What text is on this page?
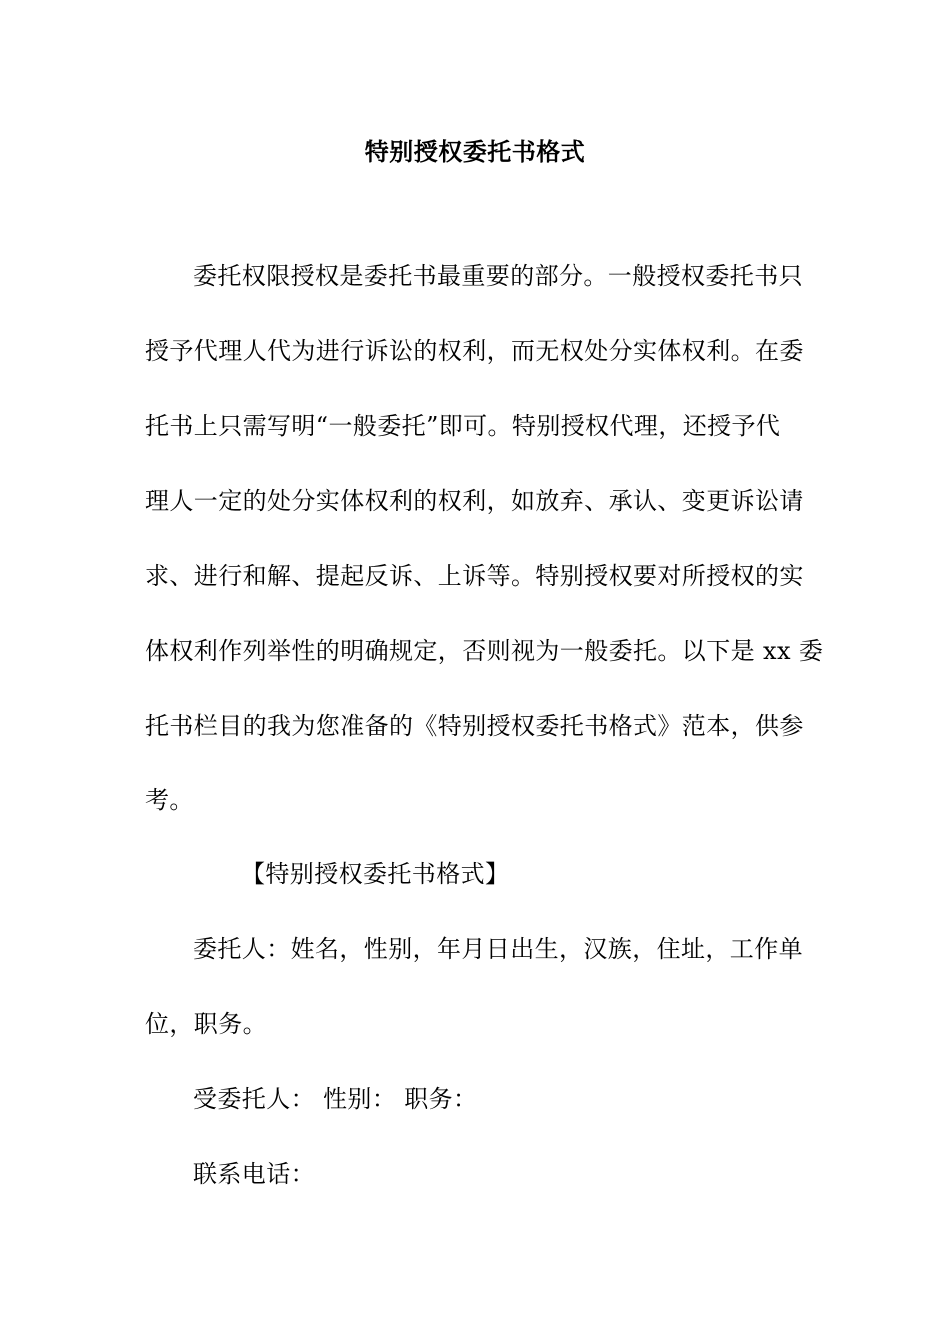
特别授权委托书格式
委托权限授权是委托书最重要的部分。一般授权委托书只
授予代理人代为进行诉讼的权利，而无权处分实体权利。在委
托书上只需写明“一般委托”即可。特别授权代理，还授予代
理人一定的处分实体权利的权利，如放弃、承认、变更诉讼请
求、进行和解、提起反诉、上诉等。特别授权要对所授权的实
体权利作列举性的明确规定，否则视为一般委托。以下是 xx 委
托书栏目的我为您准备的《特别授权委托书格式》范本，供参
考。
【特别授权委托书格式】
委托人：姓名，性别，年月日出生，汉族，住址，工作单
位，职务。
受委托人： 性别： 职务：
联系电话：
